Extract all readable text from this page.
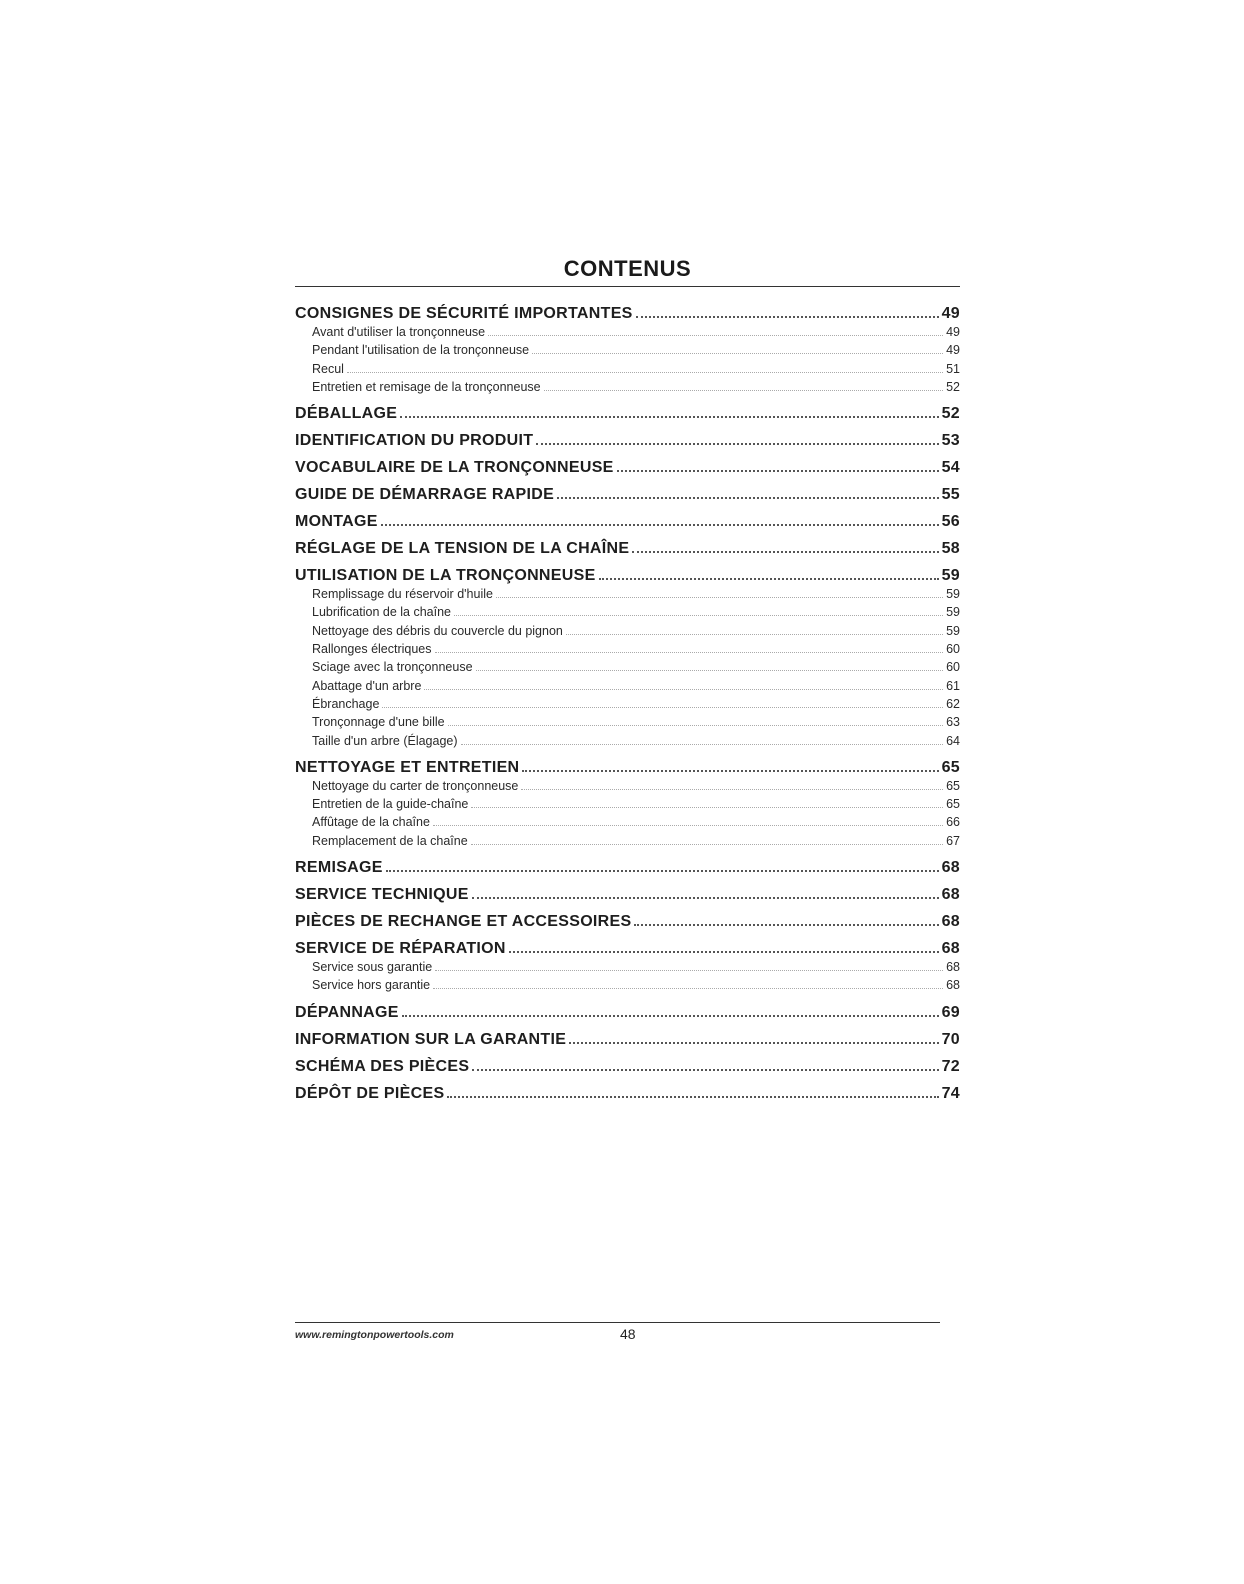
CONTENUS
CONSIGNES DE SÉCURITÉ IMPORTANTES	49
Avant d'utiliser la tronçonneuse	49
Pendant l'utilisation de la tronçonneuse	49
Recul	51
Entretien et remisage de la tronçonneuse	52
DÉBALLAGE	52
IDENTIFICATION DU PRODUIT	53
VOCABULAIRE DE LA TRONÇONNEUSE	54
GUIDE DE DÉMARRAGE RAPIDE	55
MONTAGE	56
RÉGLAGE DE LA TENSION DE LA CHAÎNE	58
UTILISATION DE LA TRONÇONNEUSE	59
Remplissage du réservoir d'huile	59
Lubrification de la chaîne	59
Nettoyage des débris du couvercle du pignon	59
Rallonges électriques	60
Sciage avec la tronçonneuse	60
Abattage d'un arbre	61
Ébranchage	62
Tronçonnage d'une bille	63
Taille d'un arbre (Élagage)	64
NETTOYAGE ET ENTRETIEN	65
Nettoyage du carter de tronçonneuse	65
Entretien de la guide-chaîne	65
Affûtage de la chaîne	66
Remplacement de la chaîne	67
REMISAGE	68
SERVICE TECHNIQUE	68
PIÈCES DE RECHANGE ET ACCESSOIRES	68
SERVICE DE RÉPARATION	68
Service sous garantie	68
Service hors garantie	68
DÉPANNAGE	69
INFORMATION SUR LA GARANTIE	70
SCHÉMA DES PIÈCES	72
DÉPÔT DE PIÈCES	74
www.remingtonpowertools.com	48
